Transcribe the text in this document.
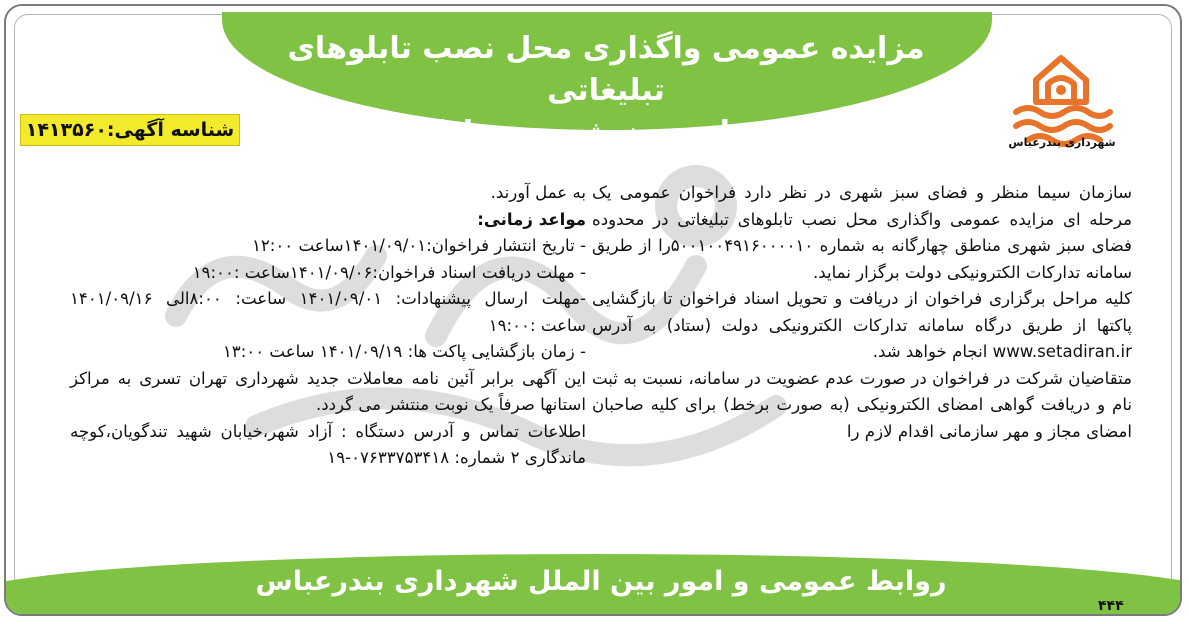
مزایده عمومی واگذاری محل نصب تابلوهای تبلیغاتی
در محدوده فضای سبز شهری مناطق چهارگانه	شهرداری بندرعباس
شناسه آگهی:۱۴۱۳۵۶۰

سازمان سیما منظر و فضای سبز شهری در نظر دارد فراخوان عمومی یک مرحله ای مزایده عمومی واگذاری محل نصب تابلوهای تبلیغاتی در محدوده فضای سبز شهری مناطق چهارگانه به شماره ۵۰۰۱۰۰۴۹۱۶۰۰۰۰۱۰را از طریق سامانه تدارکات الکترونیکی دولت برگزار نماید.

کلیه مراحل برگزاری فراخوان از دریافت و تحویل اسناد فراخوان تا بازگشایی پاکتها از طریق درگاه سامانه تدارکات الکترونیکی دولت (ستاد) به آدرس www.setadiran.ir انجام خواهد شد.

متقاضیان شرکت در فراخوان در صورت عدم عضویت در سامانه، نسبت به ثبت نام و دریافت گواهی امضای الکترونیکی (به صورت برخط) برای کلیه صاحبان امضای مجاز و مهر سازمانی اقدام لازم را

به عمل آورند.

مواعد زمانی:

- تاریخ انتشار فراخوان:۱۴۰۱/۰۹/۰۱ساعت ۱۲:۰۰

- مهلت دریافت اسناد فراخوان:۱۴۰۱/۰۹/۰۶ساعت :۱۹:۰۰

-مهلت ارسال پیشنهادات: ۱۴۰۱/۰۹/۰۱ ساعت: ۸:۰۰الی ۱۴۰۱/۰۹/۱۶ ساعت :۱۹:۰۰

- زمان بازگشایی پاکت ها: ۱۴۰۱/۰۹/۱۹ ساعت ۱۳:۰۰

این آگهی برابر آئین نامه معاملات جدید شهرداری تهران تسری به مراکز استانها صرفاً یک نوبت منتشر می گردد.

اطلاعات تماس و آدرس دستگاه : آزاد شهر،خیابان شهید تندگویان،کوچه ماندگاری ۲ شماره: ۰۷۶۳۳۷۵۳۴۱۸-۱۹

روابط عمومی و امور بین الملل شهرداری بندرعباس
۴۴۴
